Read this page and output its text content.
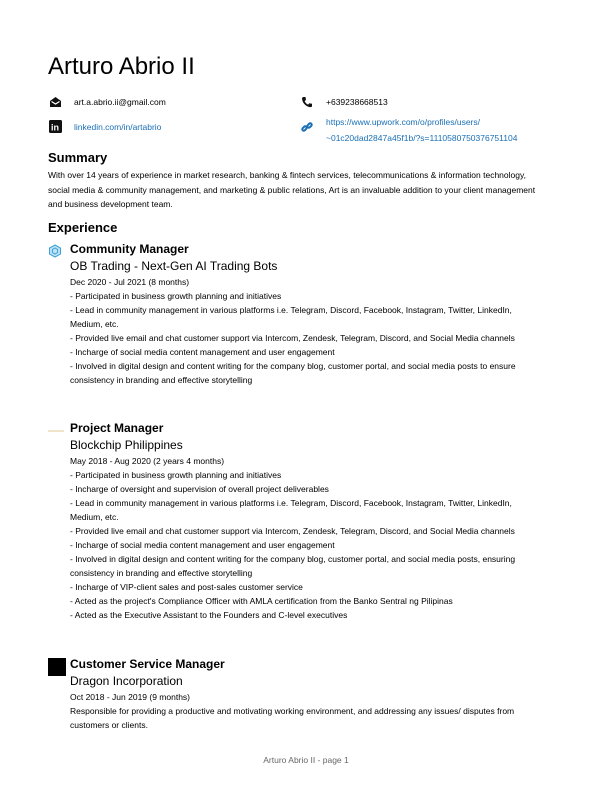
Arturo Abrio II
art.a.abrio.ii@gmail.com
in linkedin.com/in/artabrio
+639238668513
https://www.upwork.com/o/profiles/users/
~01c20dad2847a45f1b/?s=1110580750376751104
Summary
With over 14 years of experience in market research, banking & fintech services, telecommunications & information technology, social media & community management, and marketing & public relations, Art is an invaluable addition to your client management and business development team.
Experience
Community Manager
OB Trading - Next-Gen AI Trading Bots
Dec 2020 - Jul 2021 (8 months)
- Participated in business growth planning and initiatives
- Lead in community management in various platforms i.e. Telegram, Discord, Facebook, Instagram, Twitter, LinkedIn, Medium, etc.
- Provided live email and chat customer support via Intercom, Zendesk, Telegram, Discord, and Social Media channels
- Incharge of social media content management and user engagement
- Involved in digital design and content writing for the company blog, customer portal, and social media posts to ensure consistency in branding and effective storytelling
Project Manager
Blockchip Philippines
May 2018 - Aug 2020 (2 years 4 months)
- Participated in business growth planning and initiatives
- Incharge of oversight and supervision of overall project deliverables
- Lead in community management in various platforms i.e. Telegram, Discord, Facebook, Instagram, Twitter, LinkedIn, Medium, etc.
- Provided live email and chat customer support via Intercom, Zendesk, Telegram, Discord, and Social Media channels
- Incharge of social media content management and user engagement
- Involved in digital design and content writing for the company blog, customer portal, and social media posts, ensuring consistency in branding and effective storytelling
- Incharge of VIP-client sales and post-sales customer service
- Acted as the project's Compliance Officer with AMLA certification from the Banko Sentral ng Pilipinas
- Acted as the Executive Assistant to the Founders and C-level executives
Customer Service Manager
Dragon Incorporation
Oct 2018 - Jun 2019 (9 months)
Responsible for providing a productive and motivating working environment, and addressing any issues/ disputes from customers or clients.
Arturo Abrio II - page 1
